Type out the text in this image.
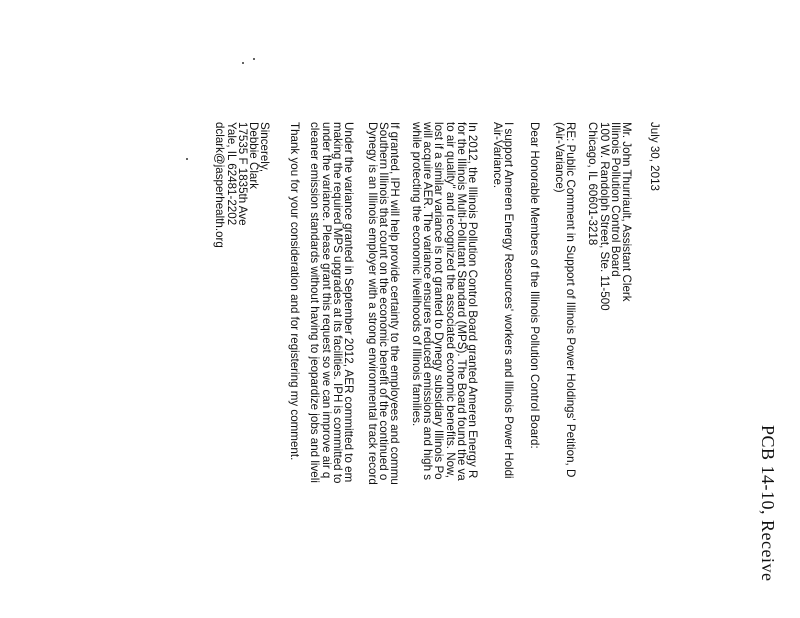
PCB 14-10, Receive
July 30, 2013
Mr. John Thurriault, Assistant Clerk
Illinois Pollution Control Board
100 W. Randolph Street, Ste. 11-500
Chicago, IL 60601-3218
RE: Public Comment in Support of Illinois Power Holdings' Petition, D
(Air-Variance)
Dear Honorable Members of the Illinois Pollution Control Board:
I support Ameren Energy Resources' workers and Illinois Power Holdi
Air-Variance.
In 2012, the Illinois Pollution Control Board granted Ameren Energy R
for the Illinois Multi-Pollutant Standard (MPS). The Board found the va
to air quality" and recognized the associated economic benefits. Now,
lost if a similar variance is not granted to Dynegy subsidiary Illinois Po
will acquire AER. The variance ensures reduced emissions and high s
while protecting the economic livelihoods of Illinois families.
If granted, IPH will help provide certainty to the employees and commu
Southern Illinois that count on the economic benefit of the continued o
Dynegy is an Illinois employer with a strong environmental track record
Under the variance granted in September 2012, AER committed to em
making the required MPS upgrades at its facilities. IPH is committed to
under the variance. Please grant this request so we can improve air q
cleaner emission standards without having to jeopardize jobs and liveli
Thank you for your consideration and for registering my comment.
Sincerely,
Debbie Clark
17535 F 1835th Ave
Yale, IL 62481-2202
dclark@jasperhealth.org
